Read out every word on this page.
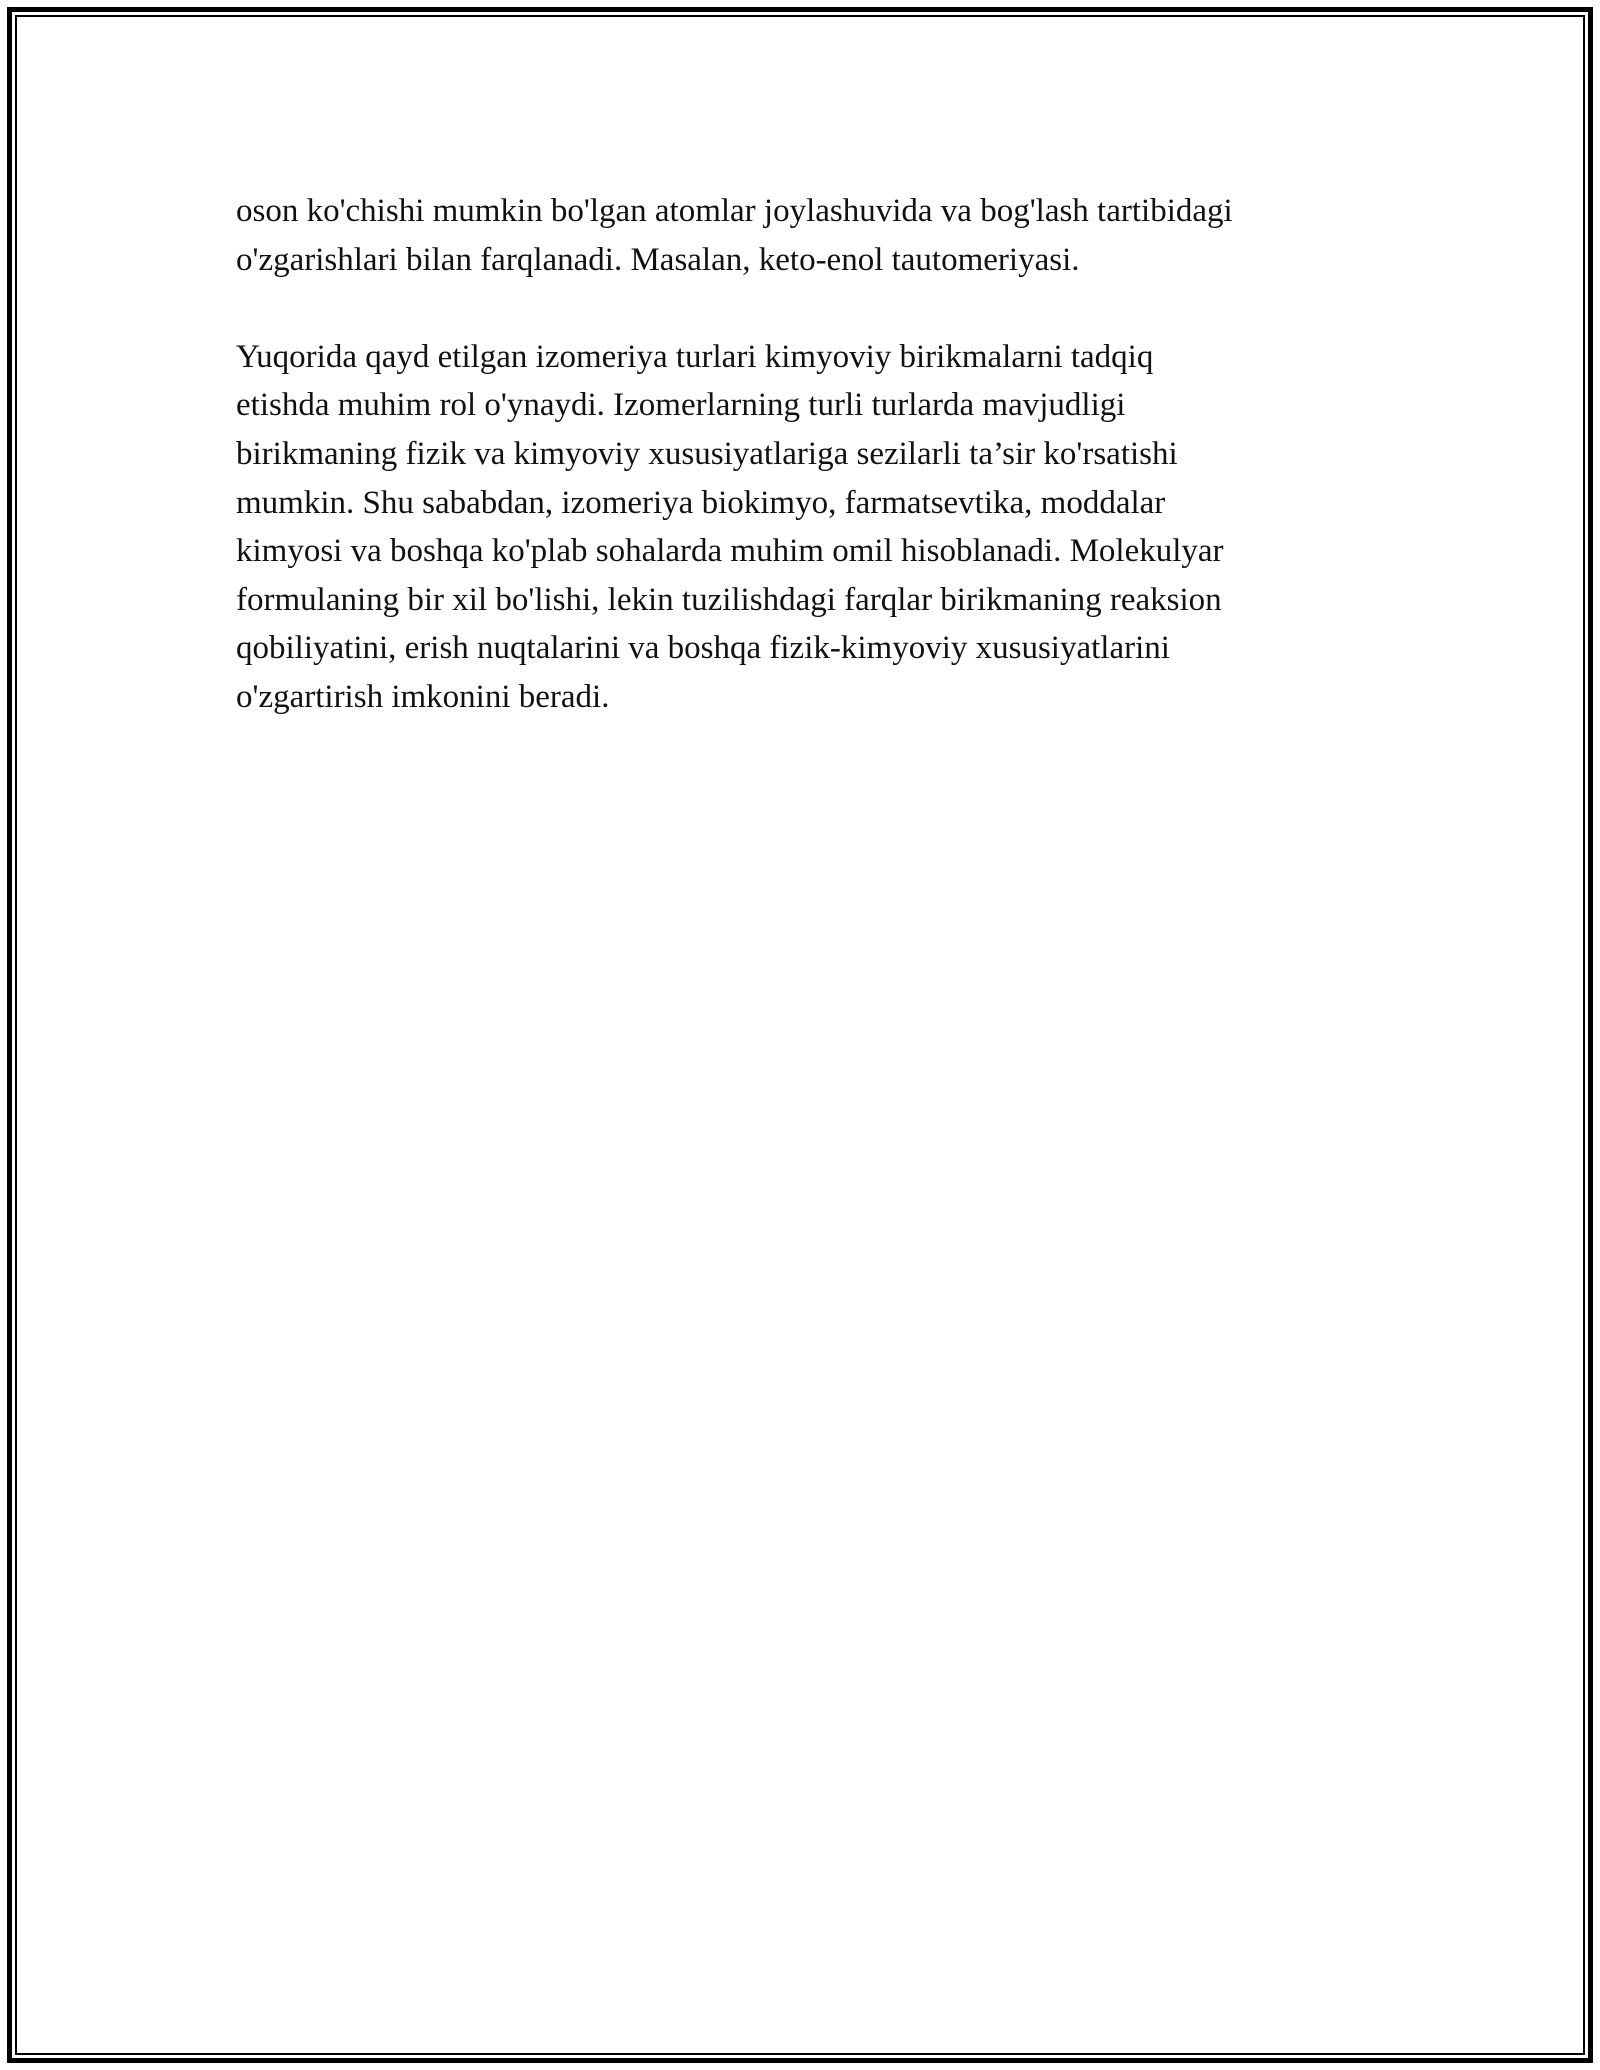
oson ko'chishi mumkin bo'lgan atomlar joylashuvida va bog'lash tartibidagi
o'zgarishlari bilan farqlanadi. Masalan, keto-enol tautomeriyasi.

Yuqorida qayd etilgan izomeriya turlari kimyoviy birikmalarni tadqiq
etishda muhim rol o'ynaydi. Izomerlarning turli turlarda mavjudligi
birikmaning fizik va kimyoviy xususiyatlariga sezilarli ta’sir ko'rsatishi
mumkin. Shu sababdan, izomeriya biokimyo, farmatsevtika, moddalar
kimyosi va boshqa ko'plab sohalarda muhim omil hisoblanadi. Molekulyar
formulaning bir xil bo'lishi, lekin tuzilishdagi farqlar birikmaning reaksion
qobiliyatini, erish nuqtalarini va boshqa fizik-kimyoviy xususiyatlarini
o'zgartirish imkonini beradi.
